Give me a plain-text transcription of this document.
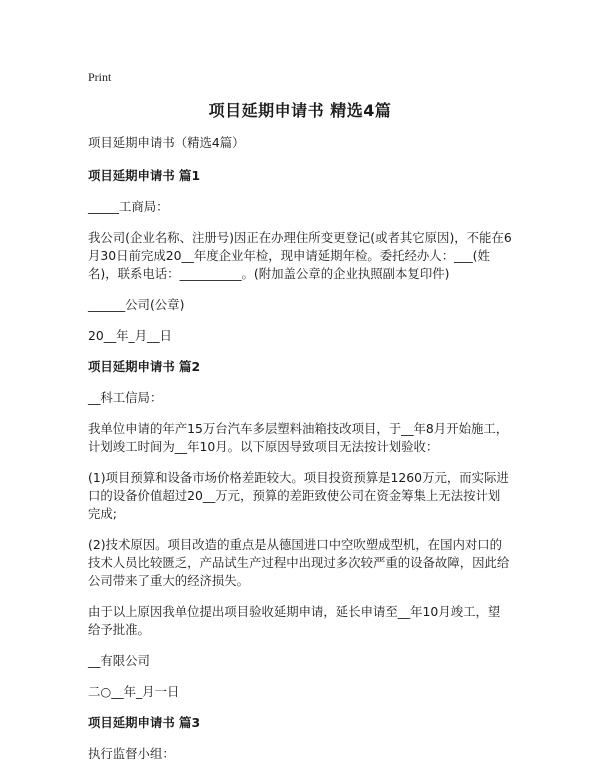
Print
项目延期申请书 精选4篇

项目延期申请书（精选4篇）

项目延期申请书 篇1

_____工商局：

我公司(企业名称、注册号)因正在办理住所变更登记(或者其它原因)，不能在6月30日前完成20__年度企业年检，现申请延期年检。委托经办人：___(姓名)，联系电话：__________。(附加盖公章的企业执照副本复印件)

______公司(公章)

20__年_月__日

项目延期申请书 篇2

__科工信局：

我单位申请的年产15万台汽车多层塑料油箱技改项目，于__年8月开始施工，计划竣工时间为__年10月。以下原因导致项目无法按计划验收：

(1)项目预算和设备市场价格差距较大。项目投资预算是1260万元，而实际进口的设备价值超过20__万元，预算的差距致使公司在资金筹集上无法按计划完成;

(2)技术原因。项目改造的重点是从德国进口中空吹塑成型机，在国内对口的技术人员比较匮乏，产品试生产过程中出现过多次较严重的设备故障，因此给公司带来了重大的经济损失。

由于以上原因我单位提出项目验收延期申请，延长申请至__年10月竣工，望给予批准。

__有限公司

二○__年_月一日

项目延期申请书 篇3

执行监督小组：
